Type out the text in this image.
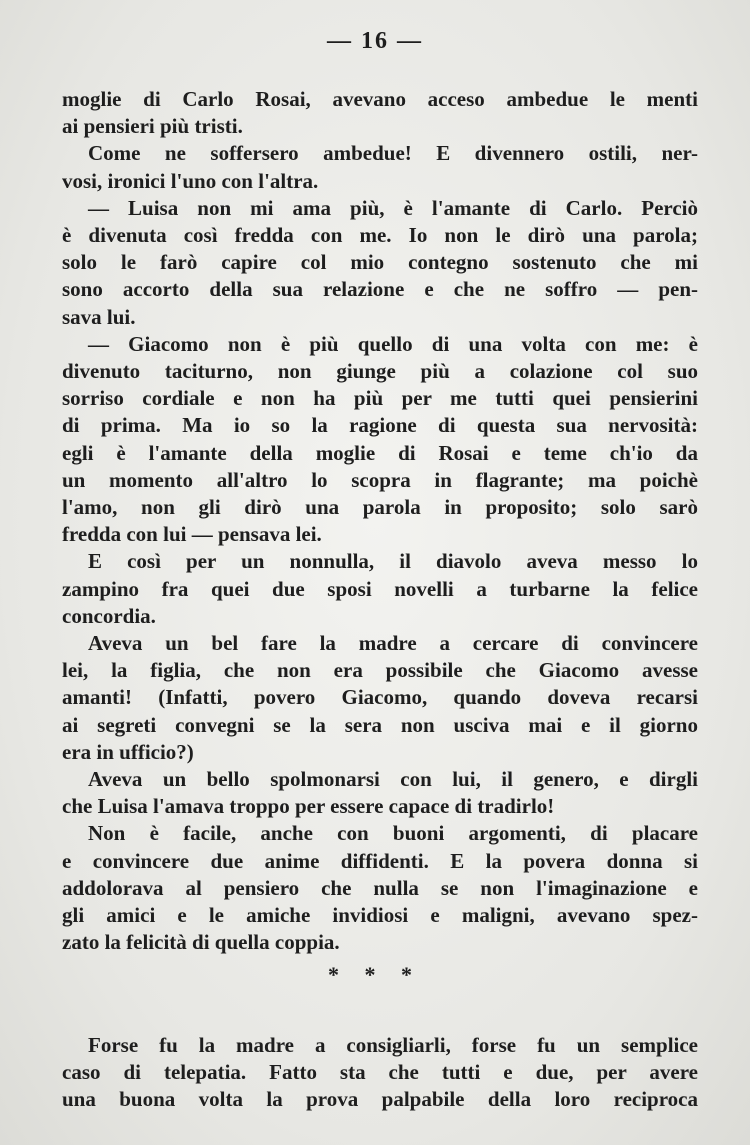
— 16 —
moglie di Carlo Rosai, avevano acceso ambedue le menti
ai pensieri più tristi.
Come ne soffersero ambedue! E divennero ostili, ner-
vosi, ironici l'uno con l'altra.
— Luisa non mi ama più, è l'amante di Carlo. Perciò
è divenuta così fredda con me. Io non le dirò una parola;
solo le farò capire col mio contegno sostenuto che mi
sono accorto della sua relazione e che ne soffro — pen-
sava lui.
— Giacomo non è più quello di una volta con me: è
divenuto taciturno, non giunge più a colazione col suo
sorriso cordiale e non ha più per me tutti quei pensierini
di prima. Ma io so la ragione di questa sua nervosità:
egli è l'amante della moglie di Rosai e teme ch'io da
un momento all'altro lo scopra in flagrante; ma poichè
l'amo, non gli dirò una parola in proposito; solo sarò
fredda con lui — pensava lei.
E così per un nonnulla, il diavolo aveva messo lo
zampino fra quei due sposi novelli a turbarne la felice
concordia.
Aveva un bel fare la madre a cercare di convincere
lei, la figlia, che non era possibile che Giacomo avesse
amanti! (Infatti, povero Giacomo, quando doveva recarsi
ai segreti convegni se la sera non usciva mai e il giorno
era in ufficio?)
Aveva un bello spolmonarsi con lui, il genero, e dirgli
che Luisa l'amava troppo per essere capace di tradirlo!
Non è facile, anche con buoni argomenti, di placare
e convincere due anime diffidenti. E la povera donna si
addolorava al pensiero che nulla se non l'imaginazione e
gli amici e le amiche invidiosi e maligni, avevano spez-
zato la felicità di quella coppia.
* * *
Forse fu la madre a consigliarli, forse fu un semplice
caso di telepatia. Fatto sta che tutti e due, per avere
una buona volta la prova palpabile della loro reciproca
